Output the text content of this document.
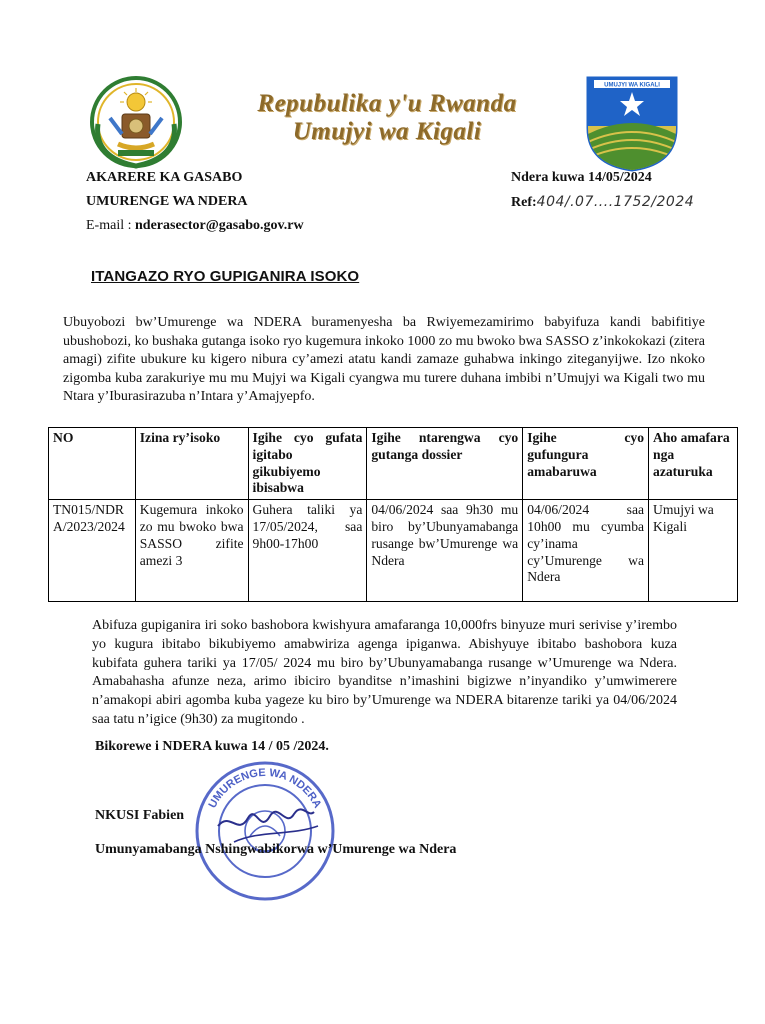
Repubulika y'u Rwanda
Umujyi wa Kigali
UMUJYI WA KIGALI
AKARERE KA GASABO
UMURENGE WA NDERA
E-mail : nderasector@gasabo.gov.rw
Ndera kuwa 14/05/2024
Ref:404/.07....1752/2024
ITANGAZO RYO GUPIGANIRA ISOKO
Ubuyobozi bw’Umurenge wa NDERA buramenyesha ba Rwiyemezamirimo babyifuza kandi babifitiye ubushobozi, ko bushaka gutanga isoko ryo kugemura inkoko 1000 zo mu bwoko bwa SASSO z’inkokokazi (zitera amagi) zifite ubukure ku kigero nibura cy’amezi atatu kandi zamaze guhabwa inkingo ziteganyijwe. Izo nkoko zigomba kuba zarakuriye mu mu Mujyi wa Kigali cyangwa mu turere duhana imbibi n’Umujyi wa Kigali two mu Ntara y’Iburasirazuba n’Intara y’Amajyepfo.
NO	Izina ry’isoko	Igihe cyo gufata igitabo gikubiyemo ibisabwa	Igihe ntarengwa cyo gutanga dossier	Igihe cyo gufungura amabaruwa	Aho amafara nga azaturuka
TN015/NDRA/2023/2024	Kugemura inkoko zo mu bwoko bwa SASSO zifite amezi 3	Guhera taliki ya 17/05/2024, saa 9h00-17h00	04/06/2024 saa 9h30 mu biro by’Ubunyamabanga rusange bw’Umurenge wa Ndera	04/06/2024 saa 10h00 mu cyumba cy’inama cy’Umurenge wa Ndera	Umujyi wa Kigali
Abifuza gupiganira iri soko bashobora kwishyura amafaranga 10,000frs binyuze muri serivise y’irembo yo kugura ibitabo bikubiyemo amabwiriza agenga ipiganwa. Abishyuye ibitabo bashobora kuza kubifata guhera tariki ya 17/05/ 2024 mu biro by’Ubunyamabanga rusange w’Umurenge wa Ndera. Amabahasha afunze neza, arimo ibiciro byanditse n’imashini bigizwe n’inyandiko y’umwimerere n’amakopi abiri agomba kuba yageze ku biro by’Umurenge wa NDERA bitarenze tariki ya 04/06/2024 saa tatu n’igice (9h30) za mugitondo .
Bikorewe i NDERA kuwa 14 / 05 /2024.
UMURENGE WA NDERA
NKUSI Fabien
Umunyamabanga Nshingwabikorwa w’Umurenge wa Ndera
